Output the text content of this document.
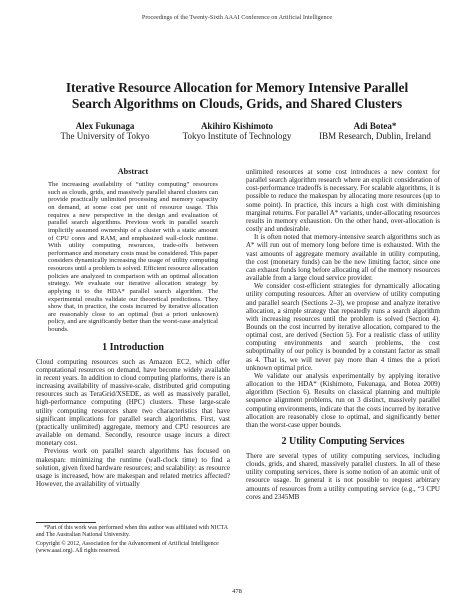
Proceedings of the Twenty-Sixth AAAI Conference on Artificial Intelligence
Iterative Resource Allocation for Memory Intensive Parallel
Search Algorithms on Clouds, Grids, and Shared Clusters
Alex Fukunaga
The University of Tokyo
Akihiro Kishimoto
Tokyo Institute of Technology
Adi Botea*
IBM Research, Dublin, Ireland
Abstract
The increasing availability of “utility computing” resources such as clouds, grids, and massively parallel shared clusters can provide practically unlimited processing and memory capacity on demand, at some cost per unit of resource usage. This requires a new perspective in the design and evaluation of parallel search algorithms. Previous work in parallel search implicitly assumed ownership of a cluster with a static amount of CPU cores and RAM, and emphasized wall-clock runtime. With utility computing resources, trade-offs between performance and monetary costs must be considered. This paper considers dynamically increasing the usage of utility computing resources until a problem is solved. Efficient resource allocation policies are analyzed in comparison with an optimal allocation strategy. We evaluate our iterative allocation strategy by applying it to the HDA* parallel search algorithm. The experimental results validate our theoretical predictions. They show that, in practice, the costs incurred by iterative allocation are reasonably close to an optimal (but a priori unknown) policy, and are significantly better than the worst-case analytical bounds.
1 Introduction

Cloud computing resources such as Amazon EC2, which offer computational resources on demand, have become widely available in recent years. In addition to cloud computing platforms, there is an increasing availability of massive-scale, distributed grid computing resources such as TeraGrid/XSEDE, as well as massively parallel, high-performance computing (HPC) clusters. These large-scale utility computing resources share two characteristics that have significant implications for parallel search algorithms. First, vast (practically unlimited) aggregate, memory and CPU resources are available on demand. Secondly, resource usage incurs a direct monetary cost.

Previous work on parallel search algorithms has focused on makespan: minimizing the runtime (wall-clock time) to find a solution, given fixed hardware resources; and scalability: as resource usage is increased, how are makespan and related metrics affected? However, the availability of virtually

*Part of this work was performed when this author was affiliated with NICTA and The Australian National University.
Copyright © 2012, Association for the Advancement of Artificial Intelligence (www.aaai.org). All rights reserved.

unlimited resources at some cost introduces a new context for parallel search algorithm research where an explicit consideration of cost-performance tradeoffs is necessary. For scalable algorithms, it is possible to reduce the makespan by allocating more resources (up to some point). In practice, this incurs a high cost with diminishing marginal returns. For parallel A* variants, under-allocating resources results in memory exhaustion. On the other hand, over-allocation is costly and undesirable.

It is often noted that memory-intensive search algorithms such as A* will run out of memory long before time is exhausted. With the vast amounts of aggregate memory available in utility computing, the cost (monetary funds) can be the new limiting factor, since one can exhaust funds long before allocating all of the memory resources available from a large cloud service provider.

We consider cost-efficient strategies for dynamically allocating utility computing resources. After an overview of utility computing and parallel search (Sections 2–3), we propose and analyze iterative allocation, a simple strategy that repeatedly runs a search algorithm with increasing resources until the problem is solved (Section 4). Bounds on the cost incurred by iterative allocation, compared to the optimal cost, are derived (Section 5). For a realistic class of utility computing environments and search problems, the cost suboptimality of our policy is bounded by a constant factor as small as 4. That is, we will never pay more than 4 times the a priori unknown optimal price.

We validate our analysis experimentally by applying iterative allocation to the HDA* (Kishimoto, Fukunaga, and Botea 2009) algorithm (Section 6). Results on classical planning and multiple sequence alignment problems, run on 3 distinct, massively parallel computing environments, indicate that the costs incurred by iterative allocation are reasonably close to optimal, and significantly better than the worst-case upper bounds.

2 Utility Computing Services

There are several types of utility computing services, including clouds, grids, and shared, massively parallel clusters. In all of these utility computing services, there is some notion of an atomic unit of resource usage. In general it is not possible to request arbitrary amounts of resources from a utility computing service (e.g., “3 CPU cores and 2345MB

478
